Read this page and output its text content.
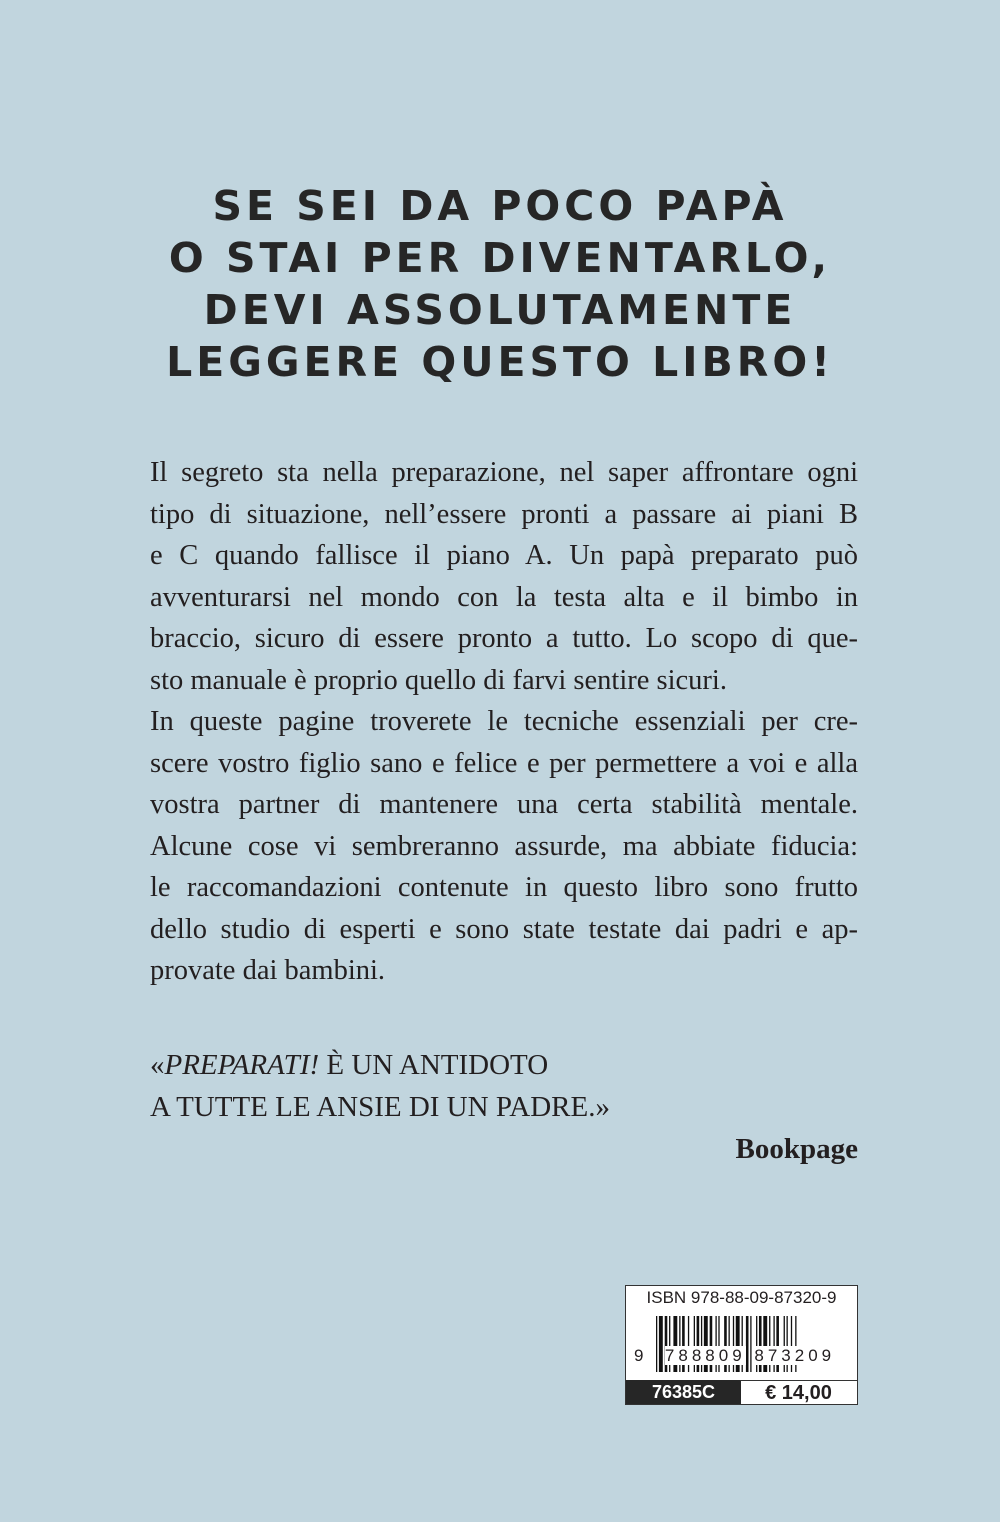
SE SEI DA POCO PAPÀ
O STAI PER DIVENTARLO,
DEVI ASSOLUTAMENTE
LEGGERE QUESTO LIBRO!
Il segreto sta nella preparazione, nel saper affrontare ogni
tipo di situazione, nell’essere pronti a passare ai piani B
e C quando fallisce il piano A. Un papà preparato può
avventurarsi nel mondo con la testa alta e il bimbo in
braccio, sicuro di essere pronto a tutto. Lo scopo di que-
sto manuale è proprio quello di farvi sentire sicuri.
In queste pagine troverete le tecniche essenziali per cre-
scere vostro figlio sano e felice e per permettere a voi e alla
vostra partner di mantenere una certa stabilità mentale.
Alcune cose vi sembreranno assurde, ma abbiate fiducia:
le raccomandazioni contenute in questo libro sono frutto
dello studio di esperti e sono state testate dai padri e ap-
provate dai bambini.
«PREPARATI! È UN ANTIDOTO
A TUTTE LE ANSIE DI UN PADRE.»
Bookpage
ISBN 978-88-09-87320-9
9 788809 873209
76385C	€ 14,00
